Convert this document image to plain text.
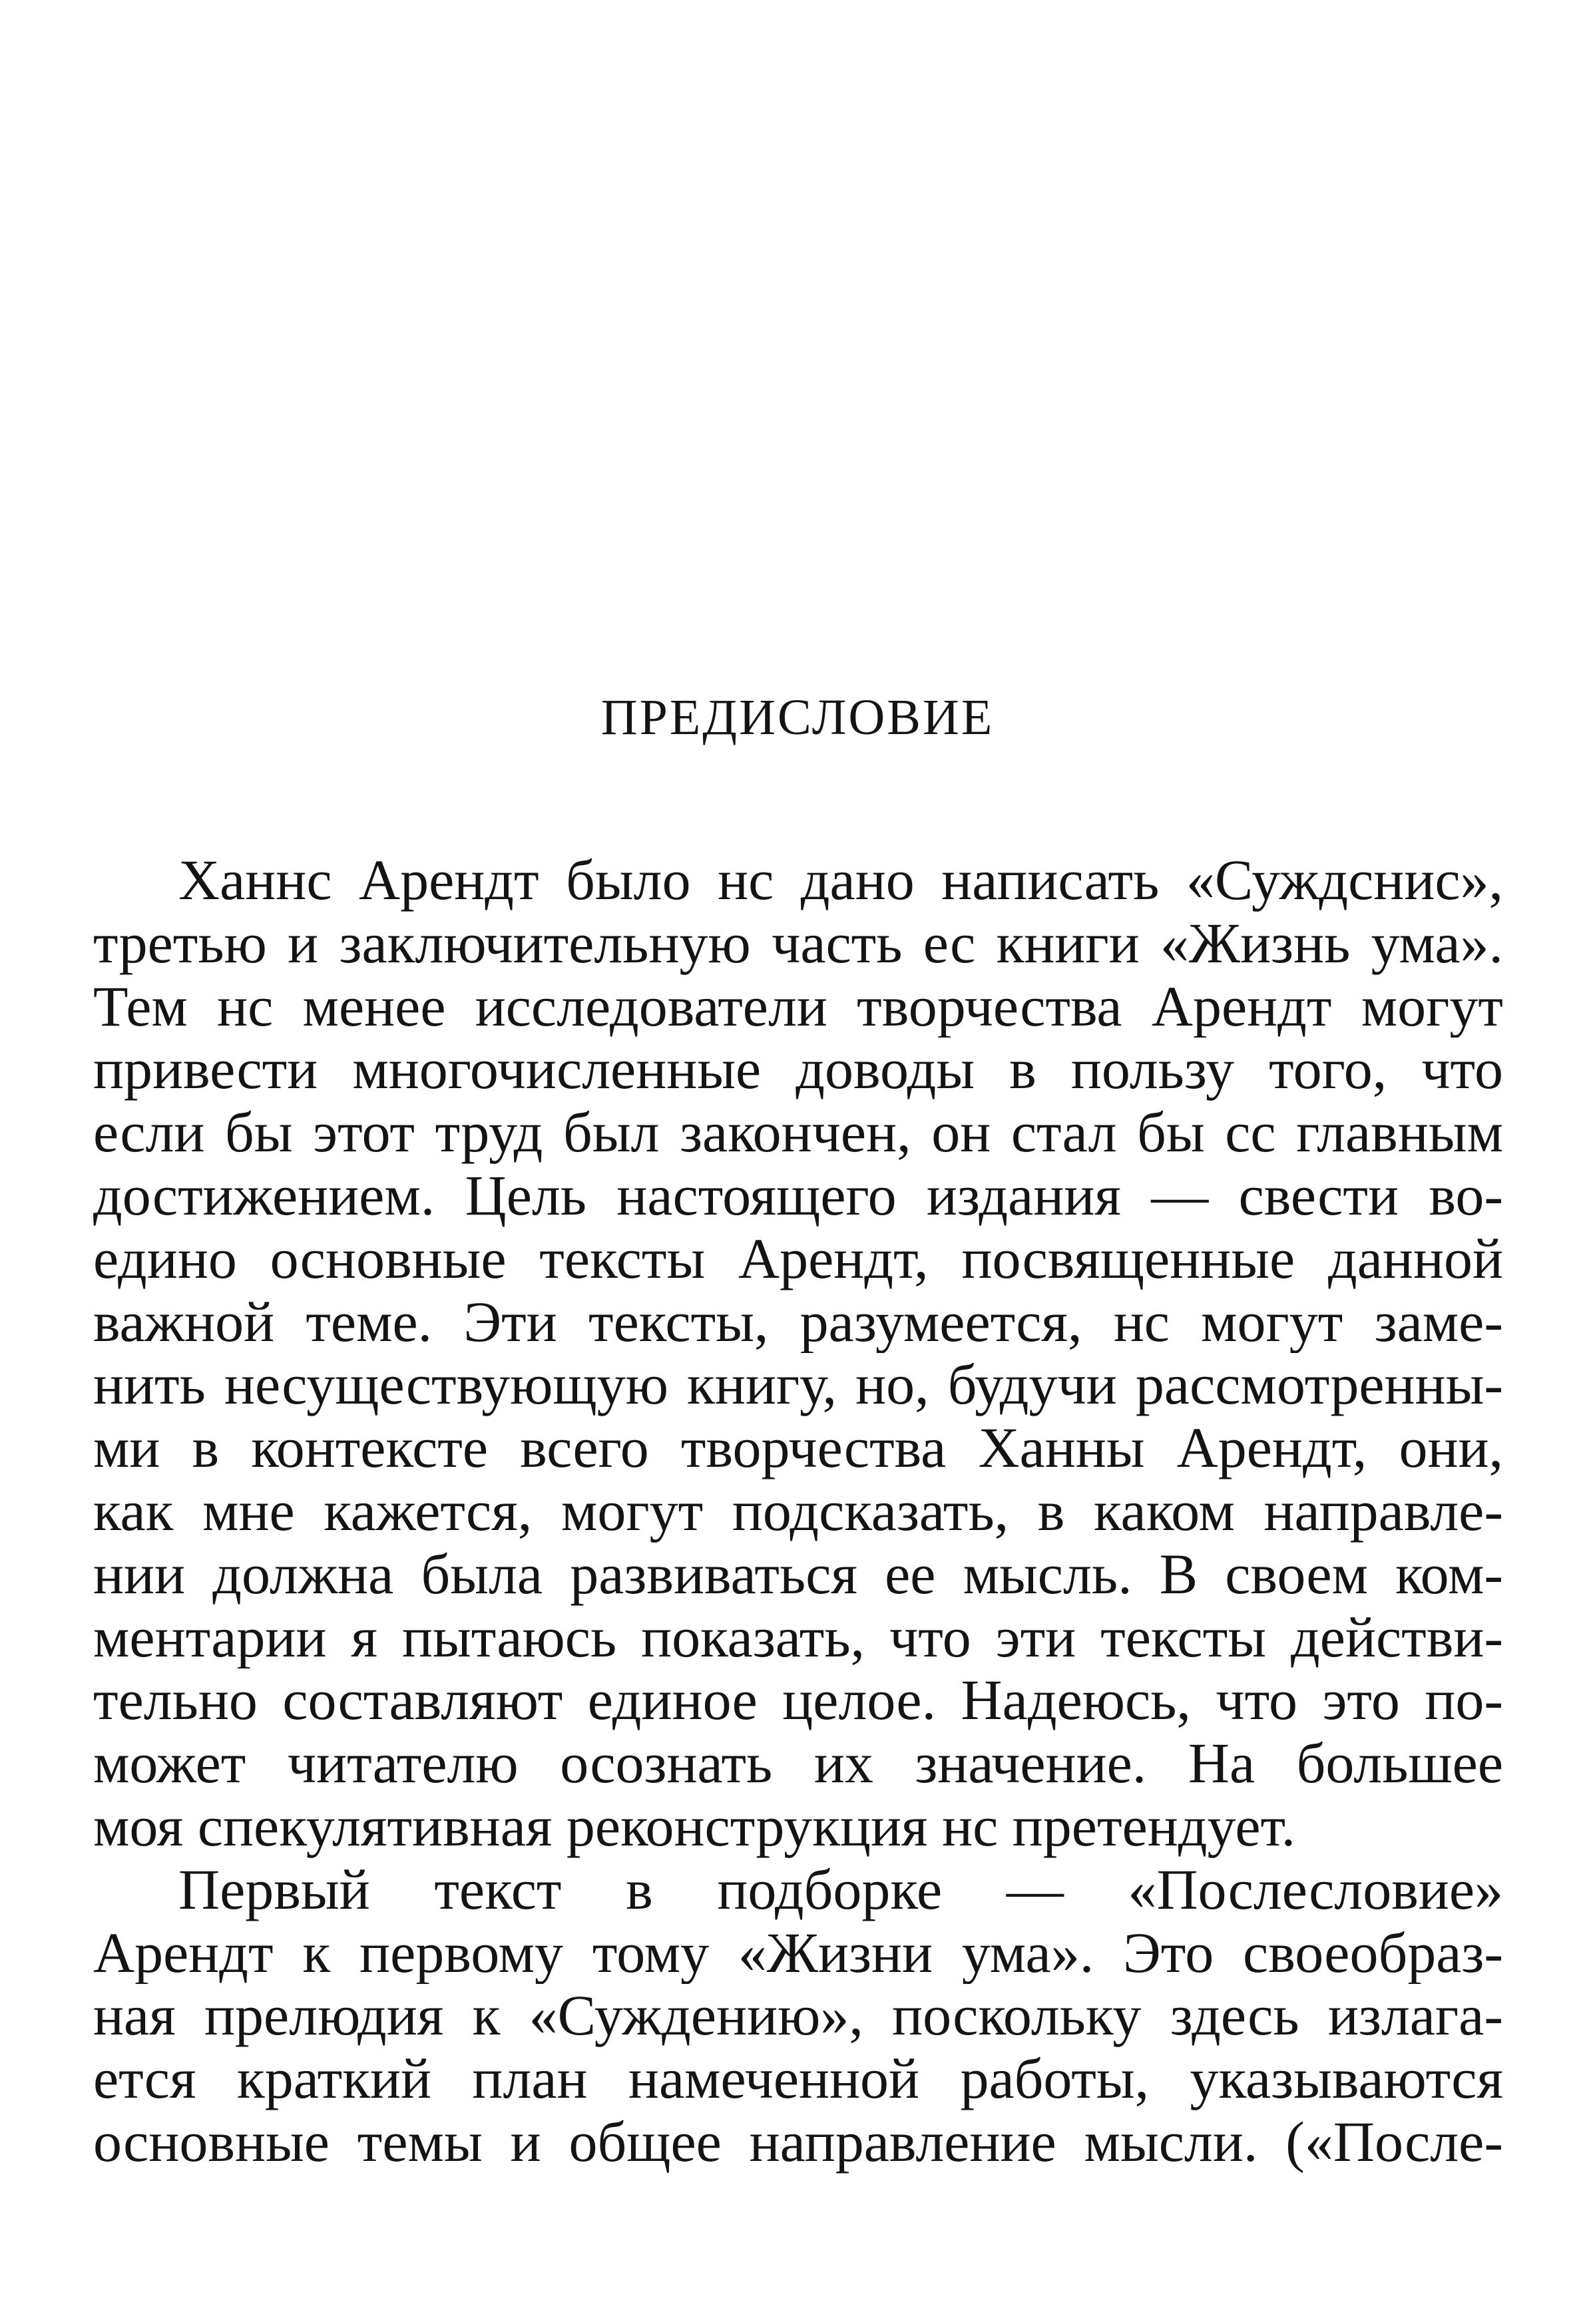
ПРЕДИСЛОВИЕ
Ханнс Арендт было нс дано написать «Суждснис»,
третью и заключительную часть ес книги «Жизнь ума».
Тем нс менее исследователи творчества Арендт могут
привести многочисленные доводы в пользу того, что
если бы этот труд был закончен, он стал бы сс главным
достижением. Цель настоящего издания — свести во-
едино основные тексты Арендт, посвященные данной
важной теме. Эти тексты, разумеется, нс могут заме-
нить несуществующую книгу, но, будучи рассмотренны-
ми в контексте всего творчества Ханны Арендт, они,
как мне кажется, могут подсказать, в каком направле-
нии должна была развиваться ее мысль. В своем ком-
ментарии я пытаюсь показать, что эти тексты действи-
тельно составляют единое целое. Надеюсь, что это по-
может читателю осознать их значение. На большее
моя спекулятивная реконструкция нс претендует.
Первый текст в подборке — «Послесловие»
Арендт к первому тому «Жизни ума». Это своеобраз-
ная прелюдия к «Суждению», поскольку здесь излага-
ется краткий план намеченной работы, указываются
основные темы и общее направление мысли. («После-
